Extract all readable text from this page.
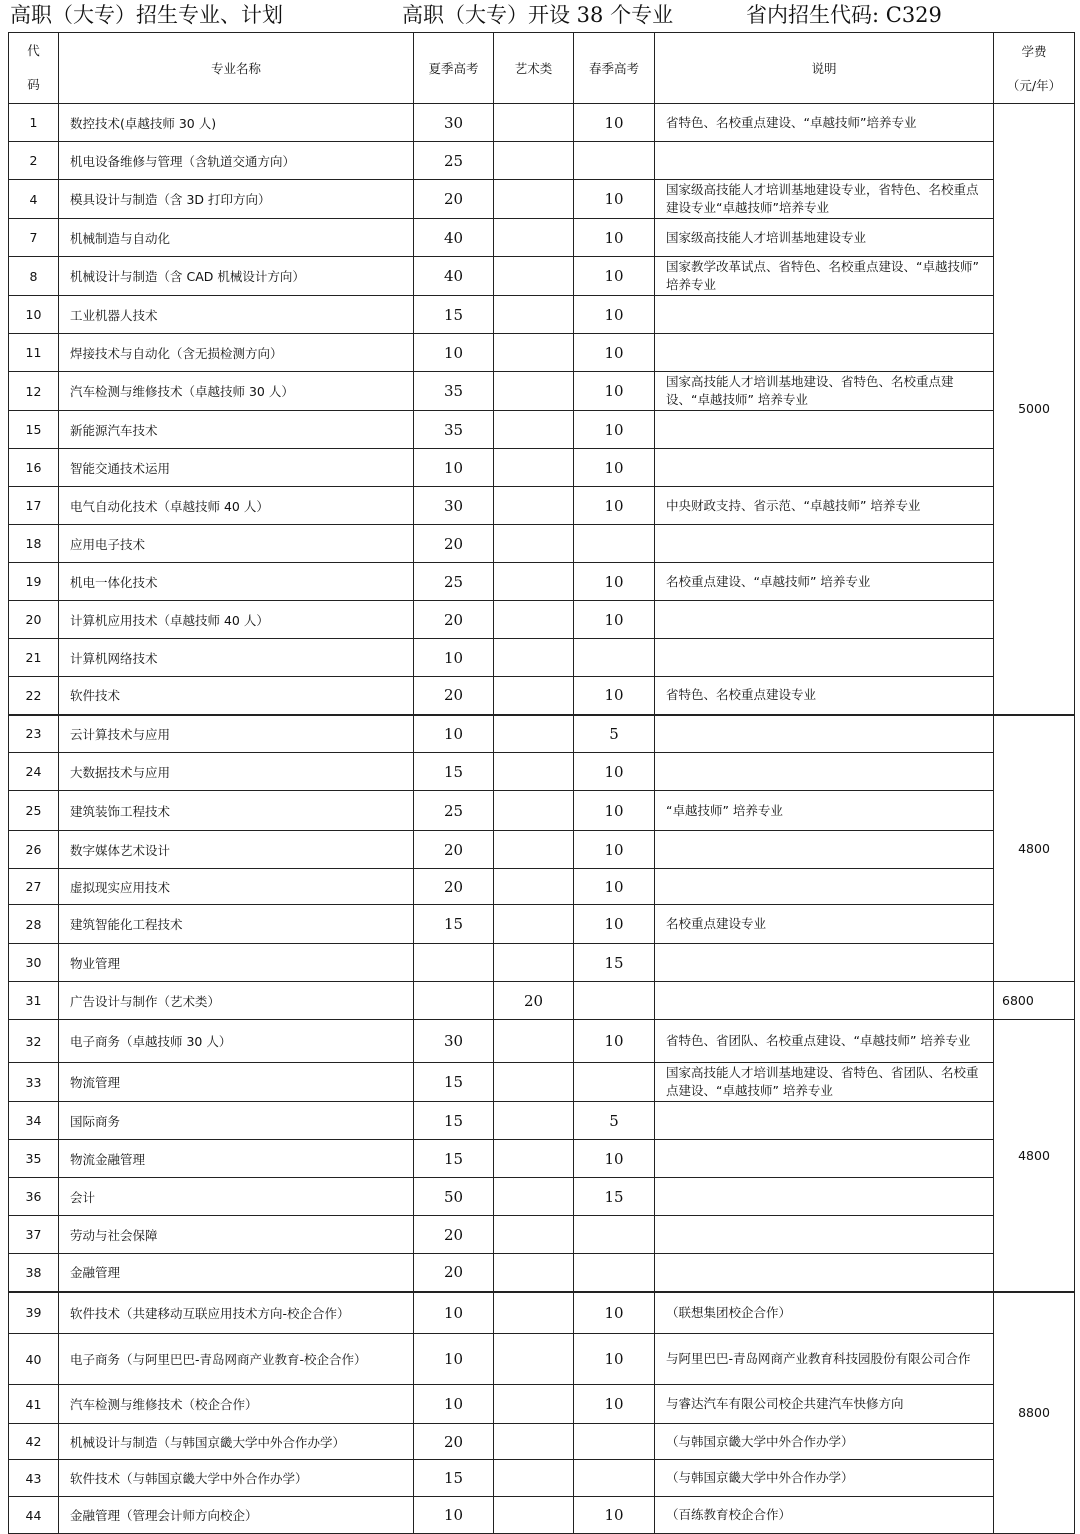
高职（大专）招生专业、计划	高职（大专）开设 38 个专业	省内招生代码: C329
代码	专业名称	夏季高考	艺术类	春季高考	说明	学费

（元/年）
1	数控技术(卓越技师 30 人)	30		10	省特色、名校重点建设、“卓越技师”培养专业	5000
2	机电设备维修与管理（含轨道交通方向）	25				
4	模具设计与制造（含 3D 打印方向）	20		10	国家级高技能人才培训基地建设专业，省特色、名校重点建设专业“卓越技师”培养专业	
7	机械制造与自动化	40		10	国家级高技能人才培训基地建设专业	
8	机械设计与制造（含 CAD 机械设计方向）	40		10	国家教学改革试点、省特色、名校重点建设、“卓越技师” 培养专业	
10	工业机器人技术	15		10		
11	焊接技术与自动化（含无损检测方向）	10		10		
12	汽车检测与维修技术（卓越技师 30 人）	35		10	国家高技能人才培训基地建设、省特色、名校重点建设、“卓越技师” 培养专业	
15	新能源汽车技术	35		10		
16	智能交通技术运用	10		10		
17	电气自动化技术（卓越技师 40 人）	30		10	中央财政支持、省示范、“卓越技师” 培养专业	
18	应用电子技术	20				
19	机电一体化技术	25		10	名校重点建设、“卓越技师” 培养专业	
20	计算机应用技术（卓越技师 40 人）	20		10		
21	计算机网络技术	10				
22	软件技术	20		10	省特色、名校重点建设专业	
23	云计算技术与应用	10		5		4800
24	大数据技术与应用	15		10		
25	建筑装饰工程技术	25		10	“卓越技师” 培养专业	
26	数字媒体艺术设计	20		10		
27	虚拟现实应用技术	20		10		
28	建筑智能化工程技术	15		10	名校重点建设专业	
30	物业管理			15		
31	广告设计与制作（艺术类）		20			6800
32	电子商务（卓越技师 30 人）	30		10	省特色、省团队、名校重点建设、“卓越技师” 培养专业	4800
33	物流管理	15			国家高技能人才培训基地建设、省特色、省团队、名校重点建设、“卓越技师” 培养专业	
34	国际商务	15		5		
35	物流金融管理	15		10		
36	会计	50		15		
37	劳动与社会保障	20				
38	金融管理	20				
39	软件技术（共建移动互联应用技术方向-校企合作）	10		10	（联想集团校企合作）	8800
40	电子商务（与阿里巴巴-青岛网商产业教育-校企合作）	10		10	与阿里巴巴-青岛网商产业教育科技园股份有限公司合作	
41	汽车检测与维修技术（校企合作）	10		10	与睿达汽车有限公司校企共建汽车快修方向	
42	机械设计与制造（与韩国京畿大学中外合作办学）	20			（与韩国京畿大学中外合作办学）	
43	软件技术（与韩国京畿大学中外合作办学）	15			（与韩国京畿大学中外合作办学）	
44	金融管理（管理会计师方向校企）	10		10	（百练教育校企合作）	
